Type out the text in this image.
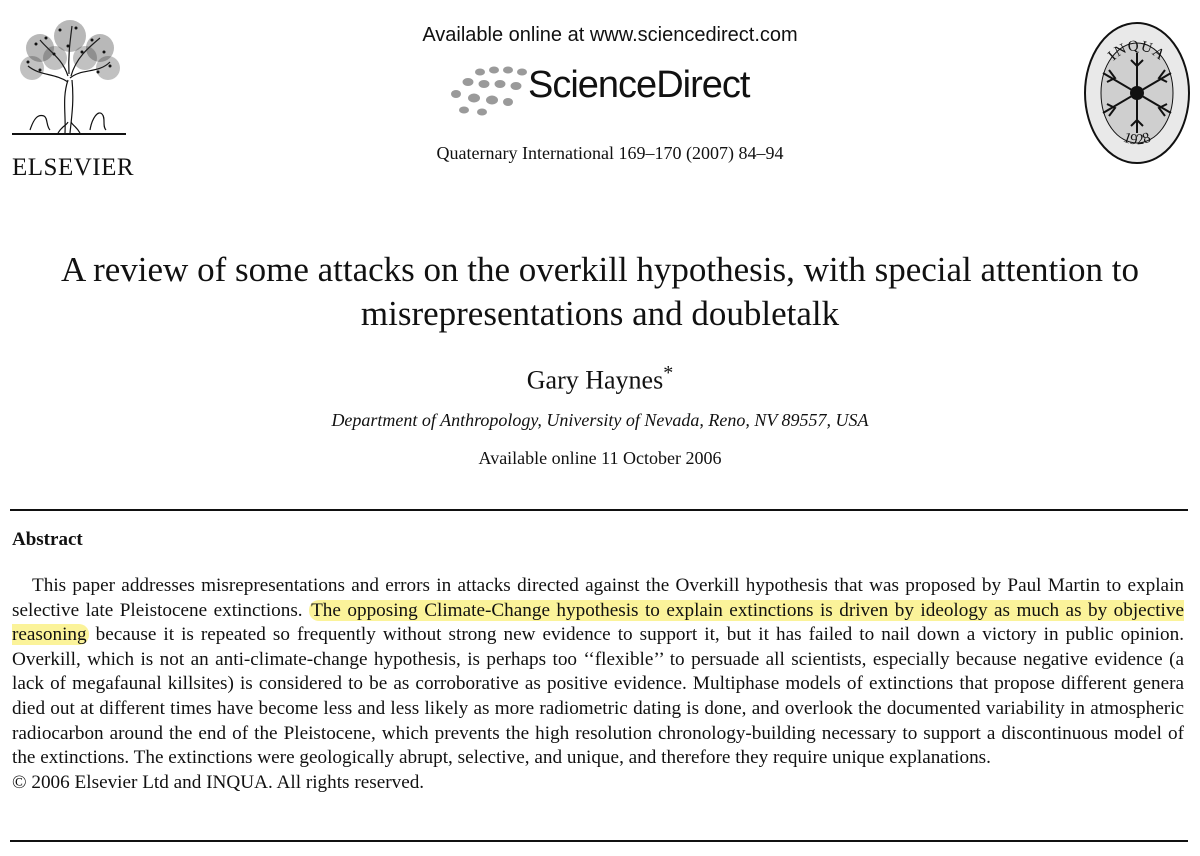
ELSEVIER
Available online at www.sciencedirect.com
ScienceDirect
Quaternary International 169–170 (2007) 84–94
INQUA
1928
A review of some attacks on the overkill hypothesis, with special attention to misrepresentations and doubletalk
Gary Haynes*
Department of Anthropology, University of Nevada, Reno, NV 89557, USA
Available online 11 October 2006
Abstract

This paper addresses misrepresentations and errors in attacks directed against the Overkill hypothesis that was proposed by Paul Martin to explain selective late Pleistocene extinctions. The opposing Climate-Change hypothesis to explain extinctions is driven by ideology as much as by objective reasoning because it is repeated so frequently without strong new evidence to support it, but it has failed to nail down a victory in public opinion. Overkill, which is not an anti-climate-change hypothesis, is perhaps too ‘‘flexible’’ to persuade all scientists, especially because negative evidence (a lack of megafaunal killsites) is considered to be as corroborative as positive evidence. Multiphase models of extinctions that propose different genera died out at different times have become less and less likely as more radiometric dating is done, and overlook the documented variability in atmospheric radiocarbon around the end of the Pleistocene, which prevents the high resolution chronology-building necessary to support a discontinuous model of the extinctions. The extinctions were geologically abrupt, selective, and unique, and therefore they require unique explanations.
© 2006 Elsevier Ltd and INQUA. All rights reserved.
